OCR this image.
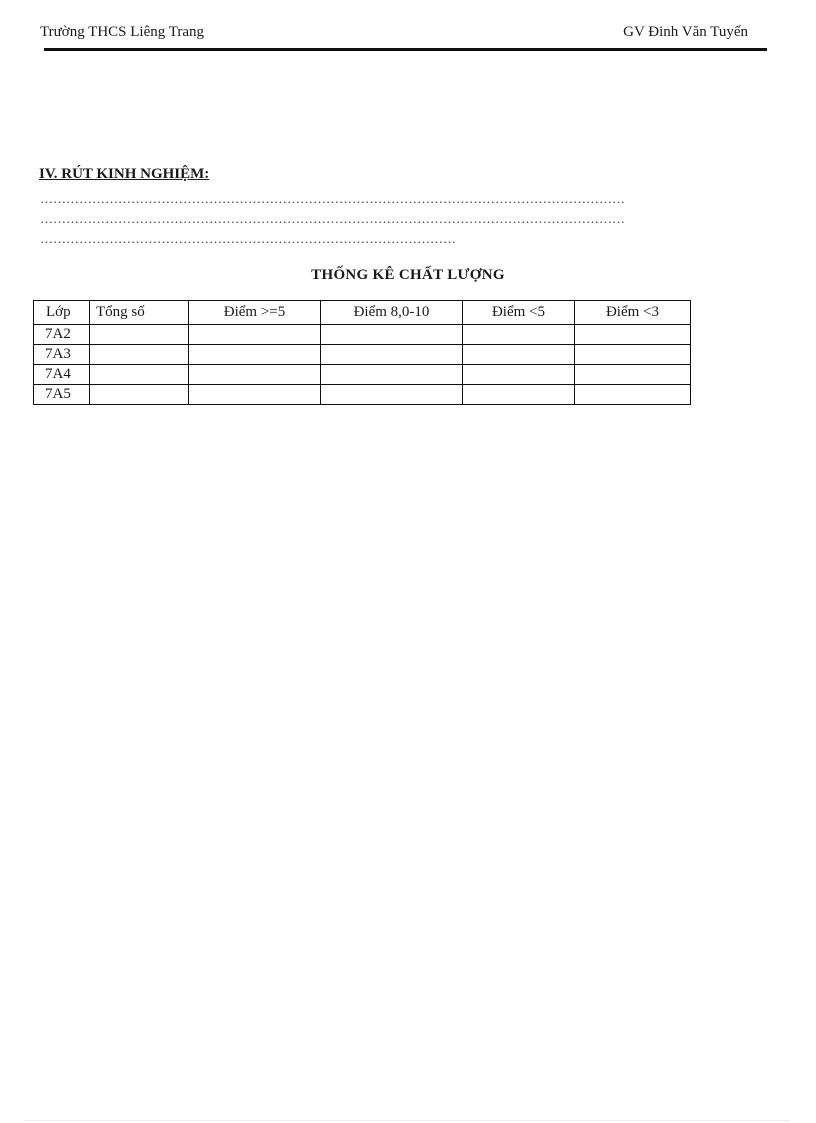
Trường THCS Liêng Trang	GV Đinh Văn Tuyến
IV. RÚT KINH NGHIỆM:
………………………………………………………………………………………………………………………
………………………………………………………………………………………………………………………
……………………………………………………………………………………
THỐNG KÊ CHẤT LƯỢNG
Lớp	Tổng số	Điểm >=5	Điểm 8,0-10	Điểm <5	Điểm <3
7A2					
7A3					
7A4					
7A5					
